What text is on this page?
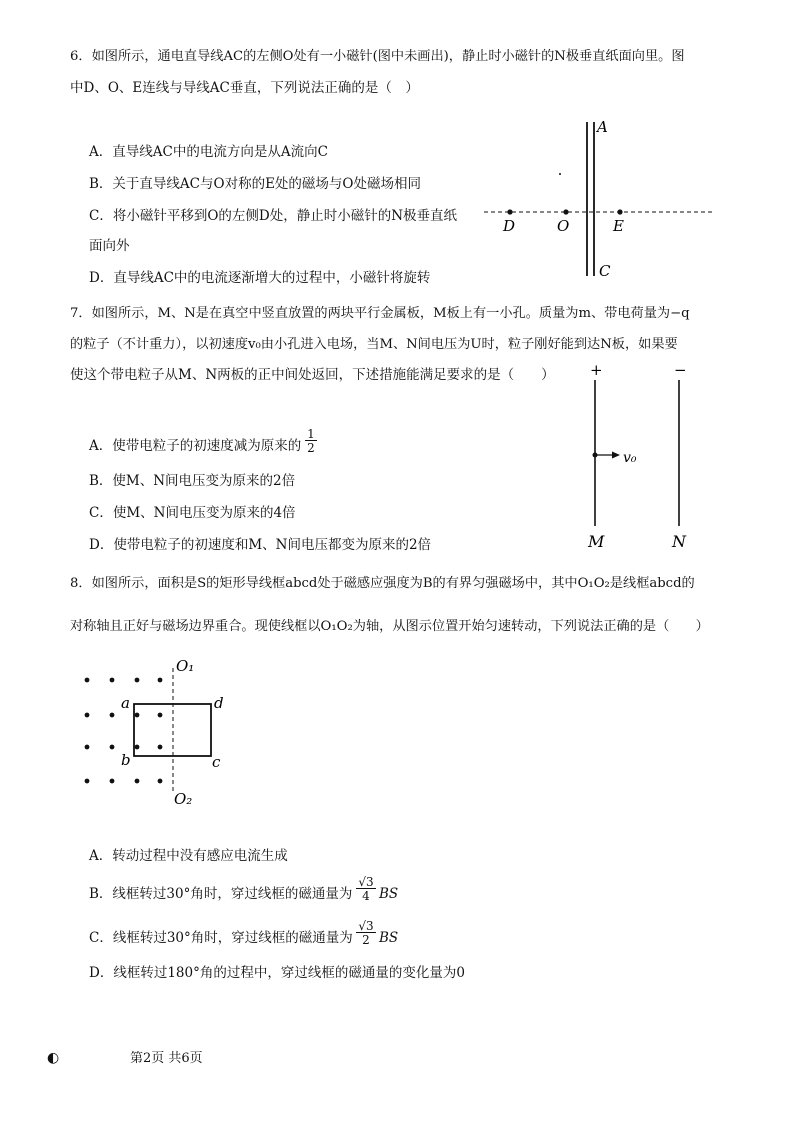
6．如图所示，通电直导线AC的左侧O处有一小磁针(图中未画出)，静止时小磁针的N极垂直纸面向里。图
中D、O、E连线与导线AC垂直，下列说法正确的是（　）
A．直导线AC中的电流方向是从A流向C
B．关于直导线AC与O对称的E处的磁场与O处磁场相同
C．将小磁针平移到O的左侧D处，静止时小磁针的N极垂直纸
面向外
D．直导线AC中的电流逐渐增大的过程中，小磁针将旋转
A
C
D	O	E
7．如图所示，M、N是在真空中竖直放置的两块平行金属板，M板上有一小孔。质量为m、带电荷量为−q
的粒子（不计重力），以初速度v₀由小孔进入电场，当M、N间电压为U时，粒子刚好能到达N板，如果要
使这个带电粒子从M、N两板的正中间处返回，下述措施能满足要求的是（　　）
A．使带电粒子的初速度减为原来的 $\frac{1}{2}$
B．使M、N间电压变为原来的2倍
C．使M、N间电压变为原来的4倍
D．使带电粒子的初速度和M、N间电压都变为原来的2倍
+	−
v₀
M	N
8．如图所示，面积是S的矩形导线框abcd处于磁感应强度为B的有界匀强磁场中，其中O₁O₂是线框abcd的
对称轴且正好与磁场边界重合。现使线框以O₁O₂为轴，从图示位置开始匀速转动，下列说法正确的是（　　）
O₁
O₂
a
b	c
d
A．转动过程中没有感应电流生成
B．线框转过30°角时，穿过线框的磁通量为 $\frac{√3}{4}$ BS
C．线框转过30°角时，穿过线框的磁通量为 $\frac{√3}{2}$ BS
D．线框转过180°角的过程中，穿过线框的磁通量的变化量为0
◐	第2页 共6页
